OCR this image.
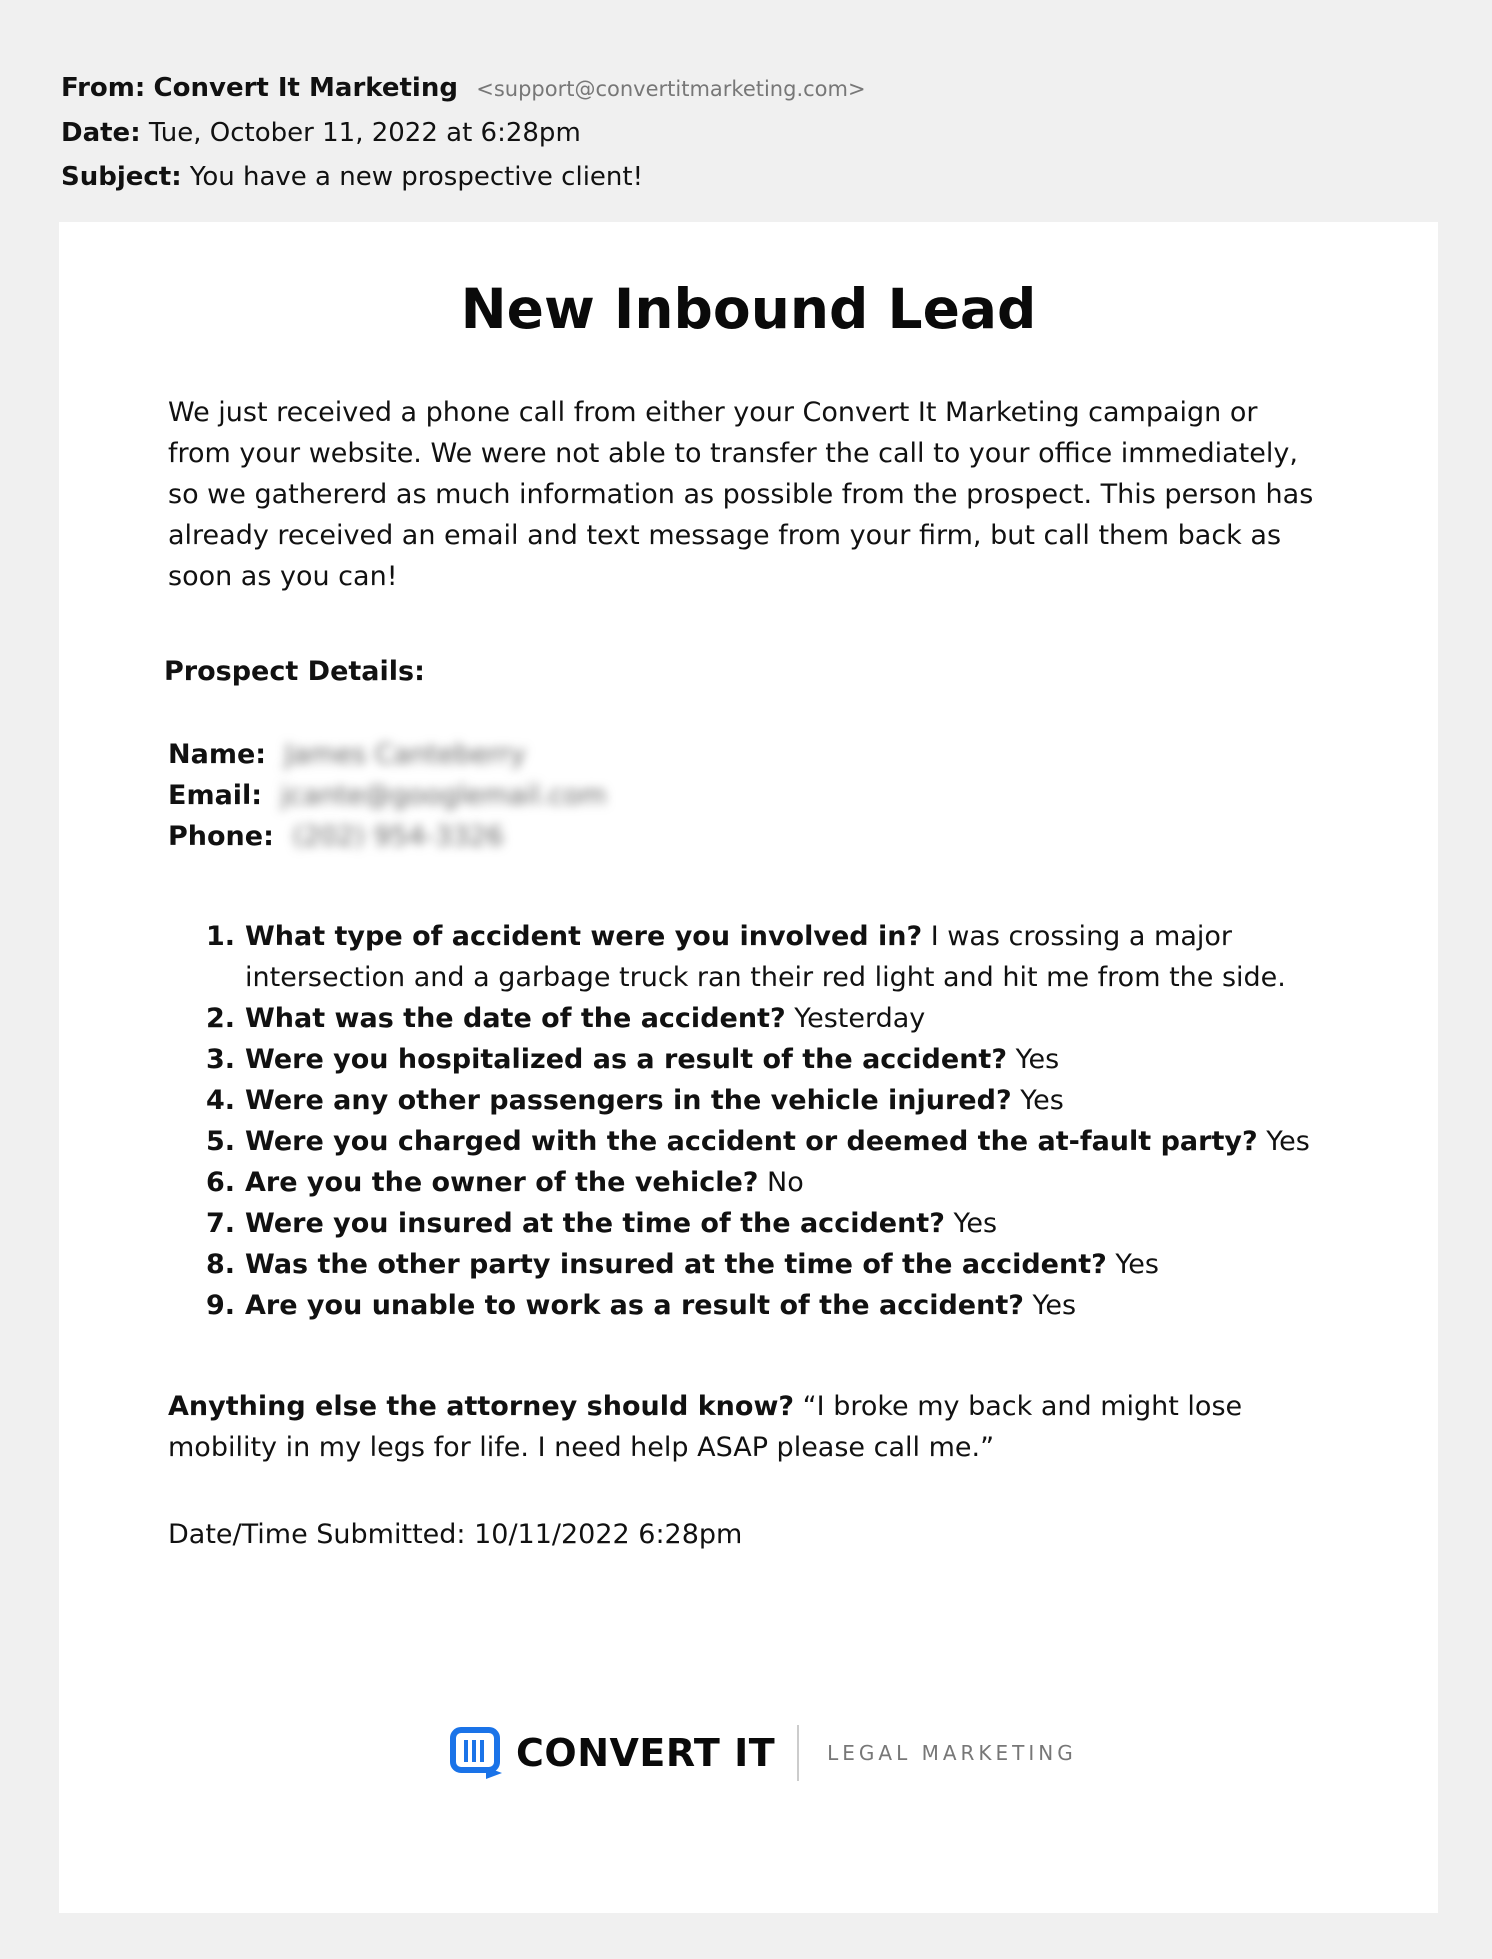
From: Convert It Marketing <support@convertitmarketing.com>
Date: Tue, October 11, 2022 at 6:28pm
Subject: You have a new prospective client!
New Inbound Lead
We just received a phone call from either your Convert It Marketing campaign or from your website. We were not able to transfer the call to your office immediately, so we gathererd as much information as possible from the prospect. This person has already received an email and text message from your firm, but call them back as soon as you can!
Prospect Details:
Name: James Canteberry
Email: jcante@googlemail.com
Phone: (202) 954-3326
1. What type of accident were you involved in? I was crossing a major intersection and a garbage truck ran their red light and hit me from the side.
2. What was the date of the accident? Yesterday
3. Were you hospitalized as a result of the accident? Yes
4. Were any other passengers in the vehicle injured? Yes
5. Were you charged with the accident or deemed the at-fault party? Yes
6. Are you the owner of the vehicle? No
7. Were you insured at the time of the accident? Yes
8. Was the other party insured at the time of the accident? Yes
9. Are you unable to work as a result of the accident? Yes
Anything else the attorney should know? “I broke my back and might lose mobility in my legs for life. I need help ASAP please call me.”
Date/Time Submitted: 10/11/2022 6:28pm
CONVERT IT	LEGAL MARKETING
